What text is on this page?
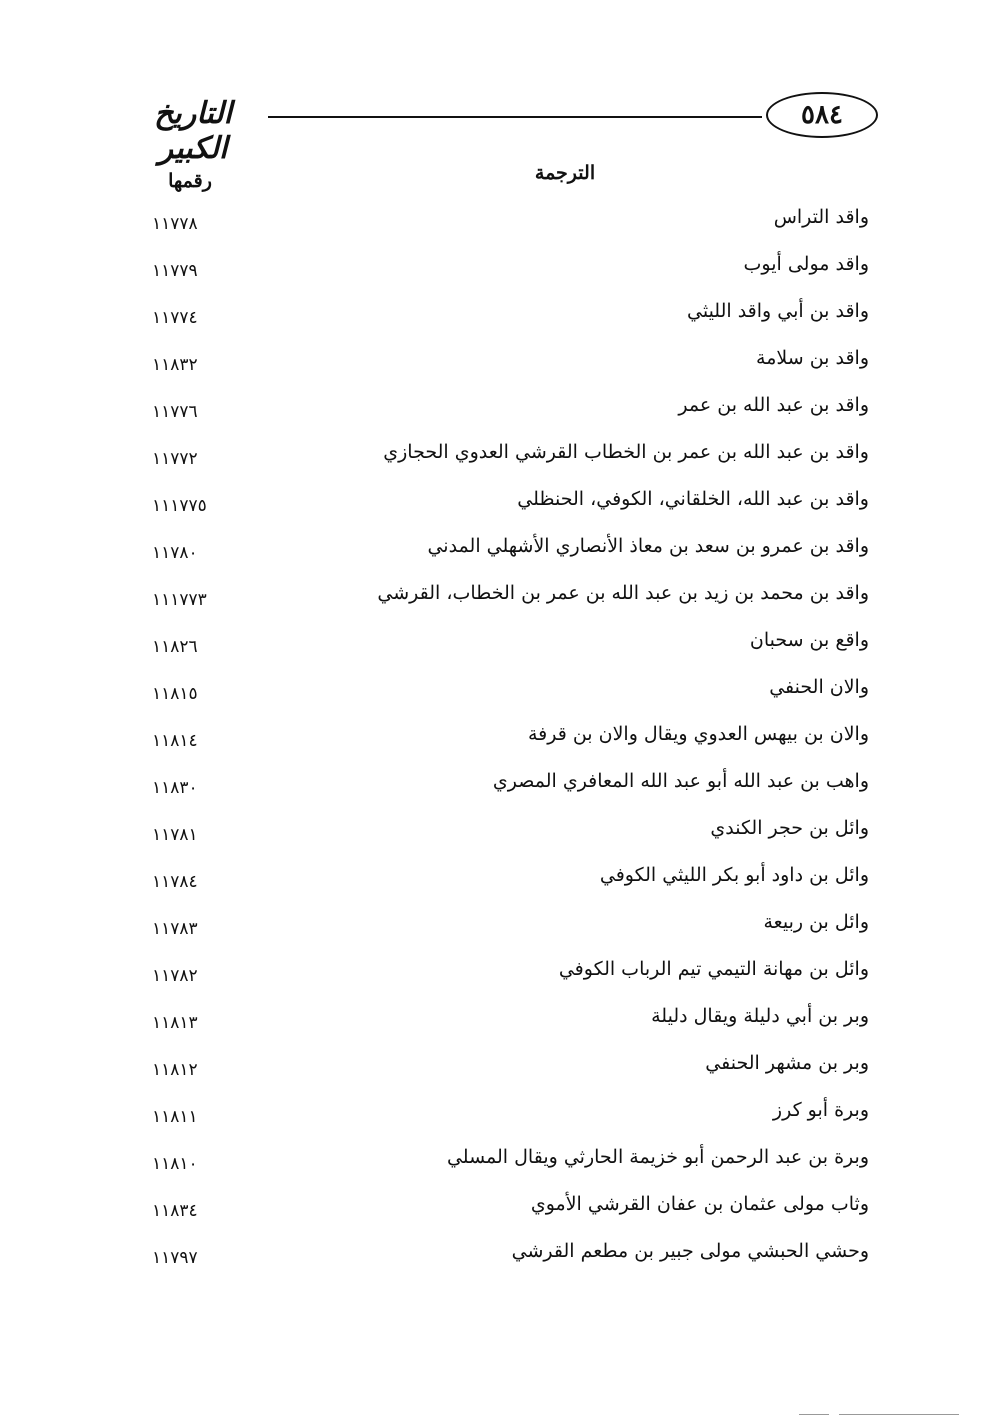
٥٨٤
التاريخ الكبير
الترجمة
رقمها
واقد التراس
١١٧٧٨
واقد مولى أيوب
١١٧٧٩
واقد بن أبي واقد الليثي
١١٧٧٤
واقد بن سلامة
١١٨٣٢
واقد بن عبد الله بن عمر
١١٧٧٦
واقد بن عبد الله بن عمر بن الخطاب القرشي العدوي الحجازي
١١٧٧٢
واقد بن عبد الله، الخلقاني، الكوفي، الحنظلي
١١١٧٧٥
واقد بن عمرو بن سعد بن معاذ الأنصاري الأشهلي المدني
١١٧٨٠
واقد بن محمد بن زيد بن عبد الله بن عمر بن الخطاب، القرشي
١١١٧٧٣
واقع بن سحبان
١١٨٢٦
والان الحنفي
١١٨١٥
والان بن بيهس العدوي ويقال والان بن قرفة
١١٨١٤
واهب بن عبد الله أبو عبد الله المعافري المصري
١١٨٣٠
وائل بن حجر الكندي
١١٧٨١
وائل بن داود أبو بكر الليثي الكوفي
١١٧٨٤
وائل بن ربيعة
١١٧٨٣
وائل بن مهانة التيمي تيم الرباب الكوفي
١١٧٨٢
وبر بن أبي دليلة ويقال دليلة
١١٨١٣
وبر بن مشهر الحنفي
١١٨١٢
وبرة أبو كرز
١١٨١١
وبرة بن عبد الرحمن أبو خزيمة الحارثي ويقال المسلي
١١٨١٠
وثاب مولى عثمان بن عفان القرشي الأموي
١١٨٣٤
وحشي الحبشي مولى جبير بن مطعم القرشي
١١٧٩٧
